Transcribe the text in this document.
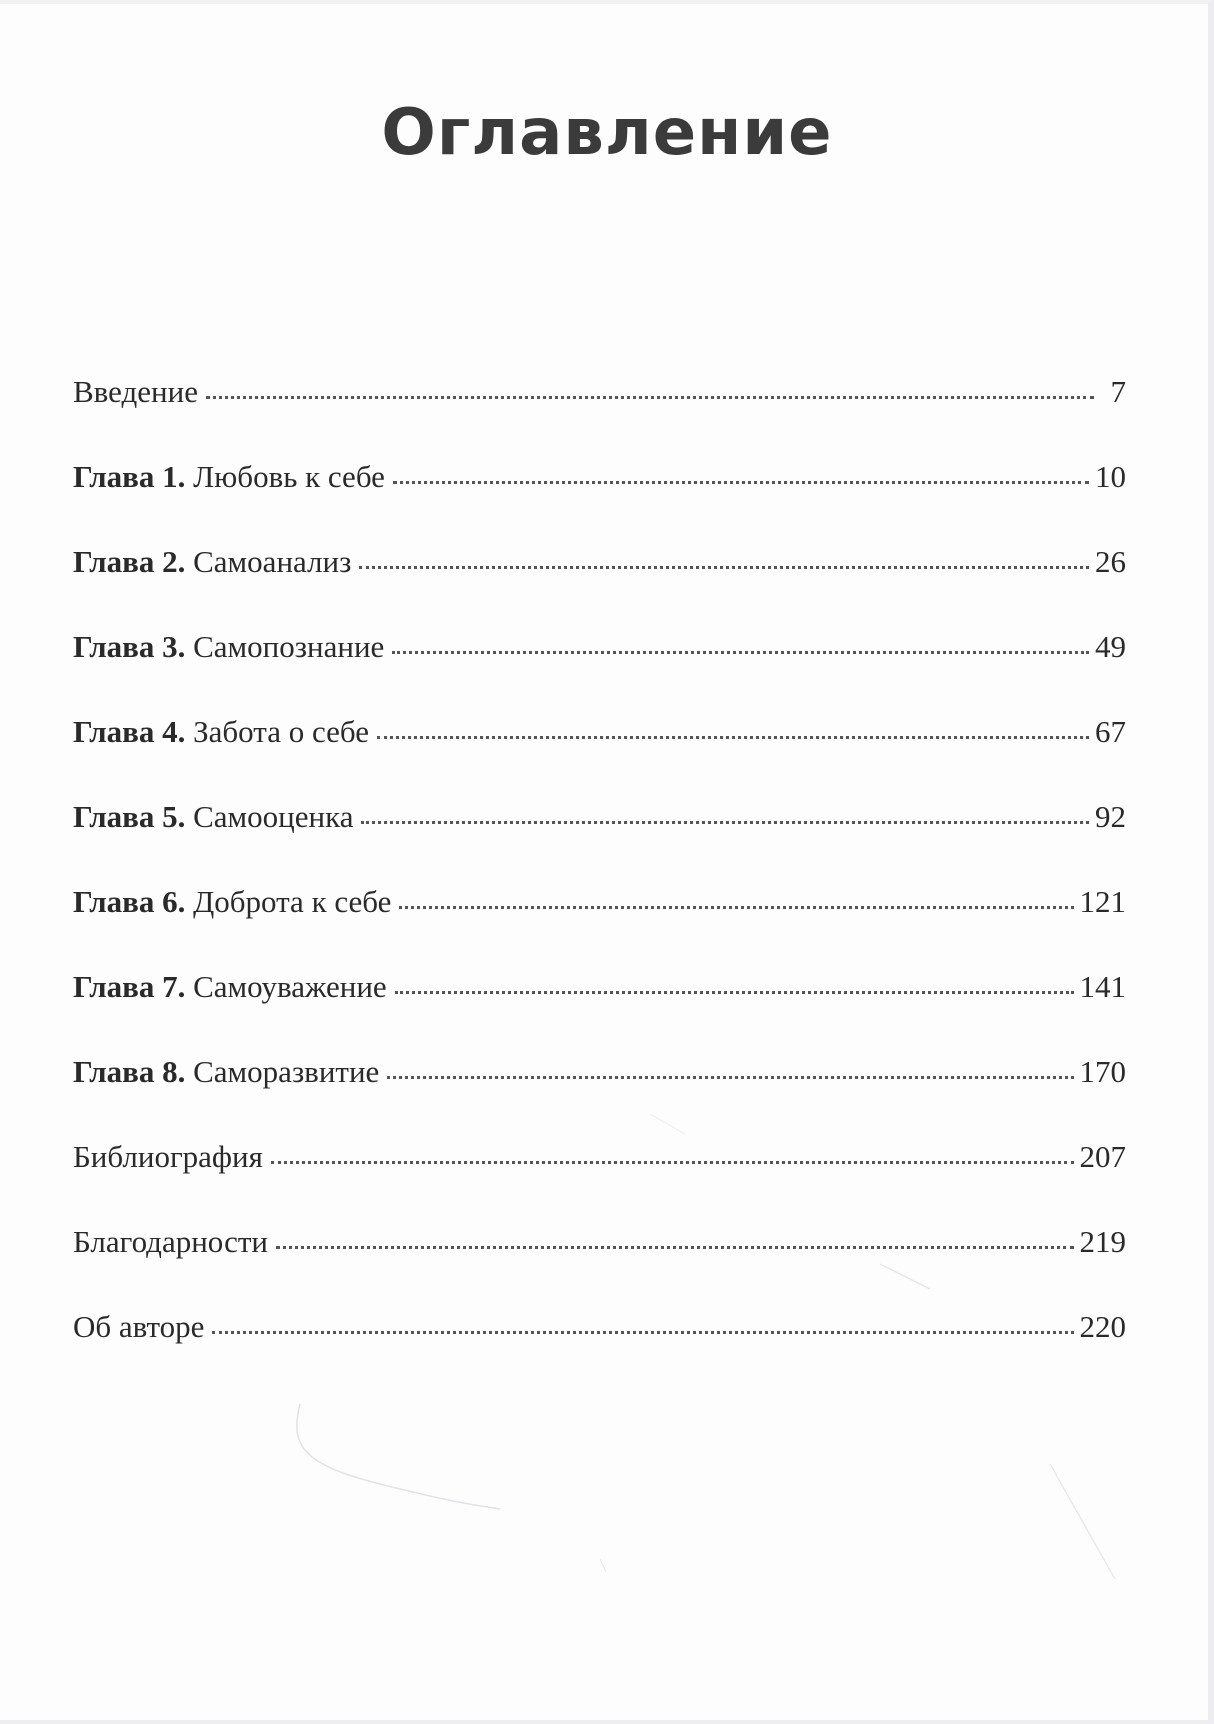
Оглавление
Введение	7
Глава 1. Любовь к себе	10
Глава 2. Самоанализ	26
Глава 3. Самопознание	49
Глава 4. Забота о себе	67
Глава 5. Самооценка	92
Глава 6. Доброта к себе	121
Глава 7. Самоуважение	141
Глава 8. Саморазвитие	170
Библиография	207
Благодарности	219
Об авторе	220
